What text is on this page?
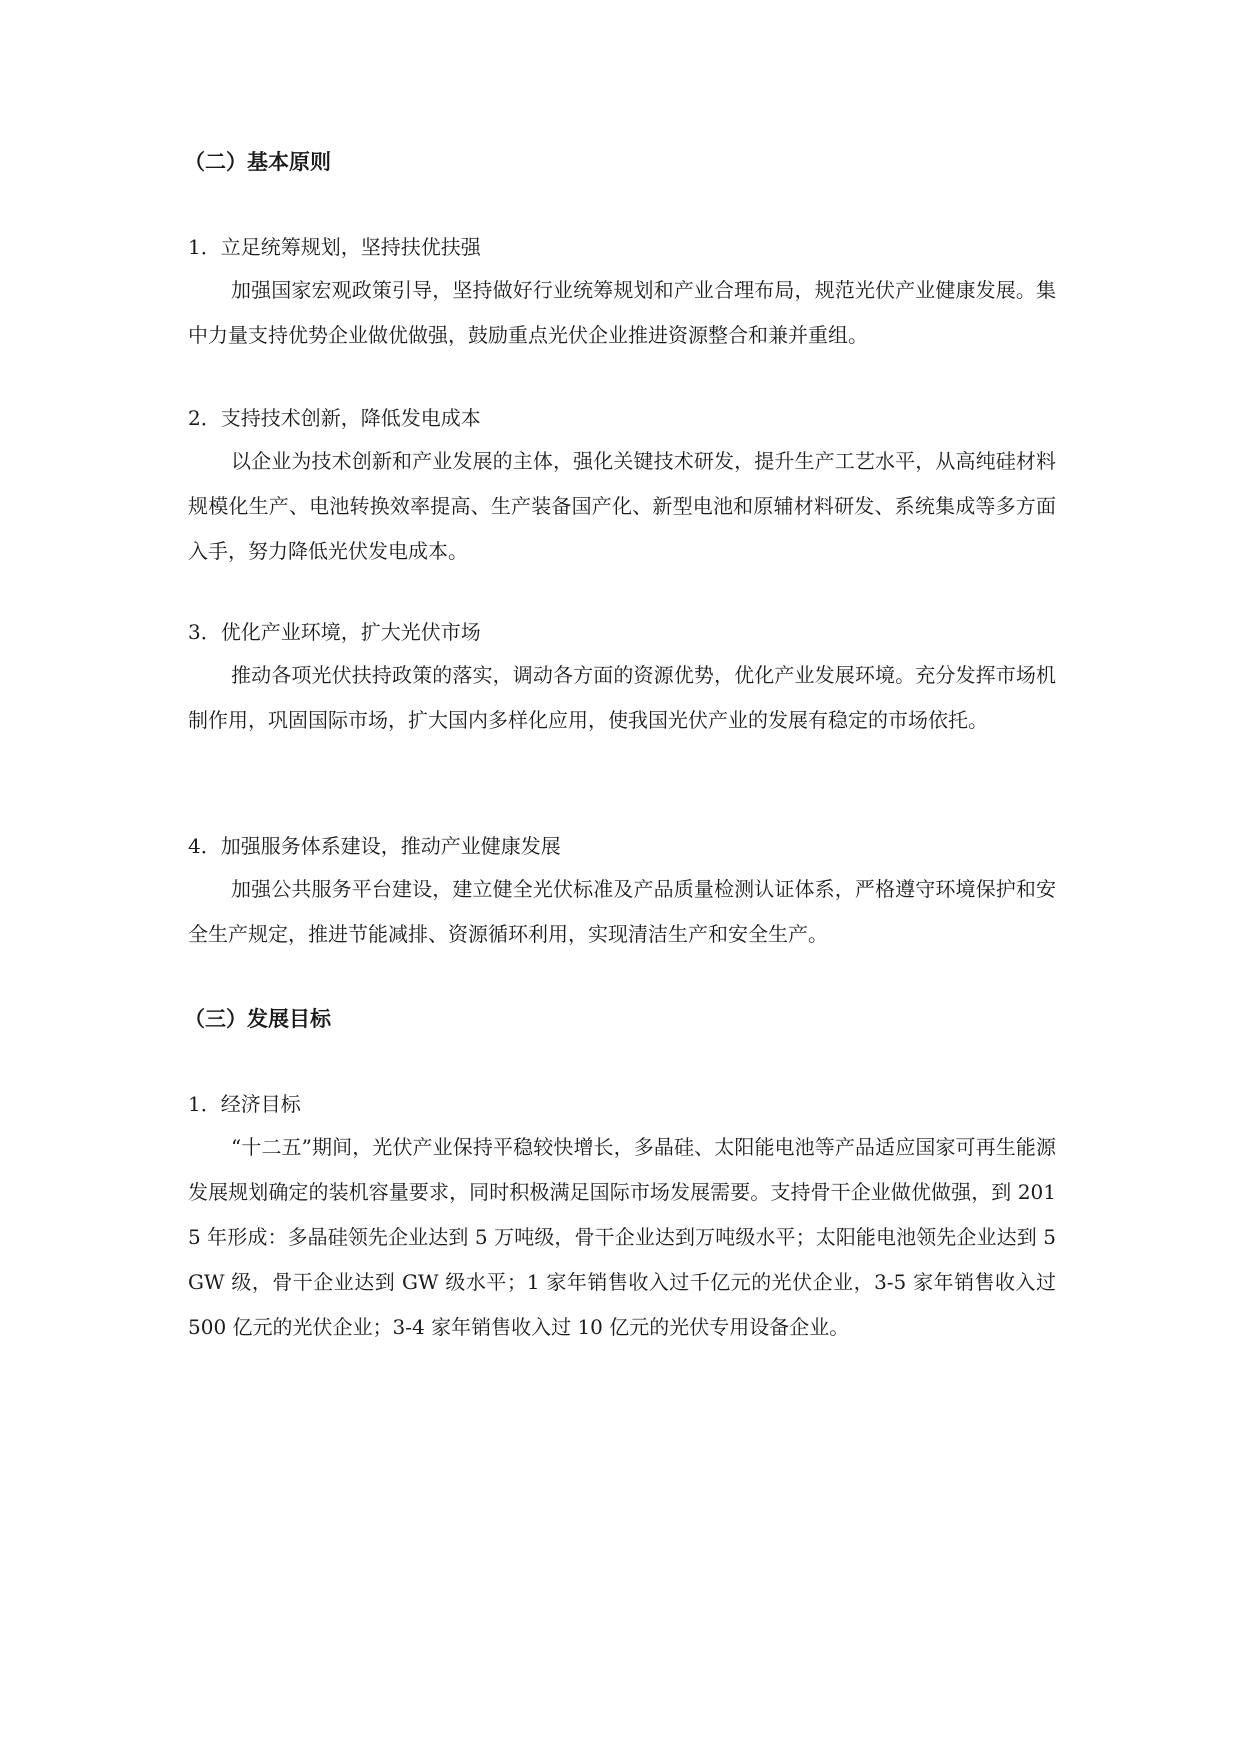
（二）基本原则
1．立足统筹规划，坚持扶优扶强

加强国家宏观政策引导，坚持做好行业统筹规划和产业合理布局，规范光伏产业健康发展。集中力量支持优势企业做优做强，鼓励重点光伏企业推进资源整合和兼并重组。

2．支持技术创新，降低发电成本

以企业为技术创新和产业发展的主体，强化关键技术研发，提升生产工艺水平，从高纯硅材料规模化生产、电池转换效率提高、生产装备国产化、新型电池和原辅材料研发、系统集成等多方面入手，努力降低光伏发电成本。

3．优化产业环境，扩大光伏市场

推动各项光伏扶持政策的落实，调动各方面的资源优势，优化产业发展环境。充分发挥市场机制作用，巩固国际市场，扩大国内多样化应用，使我国光伏产业的发展有稳定的市场依托。

4．加强服务体系建设，推动产业健康发展

加强公共服务平台建设，建立健全光伏标准及产品质量检测认证体系，严格遵守环境保护和安全生产规定，推进节能减排、资源循环利用，实现清洁生产和安全生产。

（三）发展目标
1．经济目标

“十二五”期间，光伏产业保持平稳较快增长，多晶硅、太阳能电池等产品适应国家可再生能源发展规划确定的装机容量要求，同时积极满足国际市场发展需要。支持骨干企业做优做强，到 2015 年形成：多晶硅领先企业达到 5 万吨级，骨干企业达到万吨级水平；太阳能电池领先企业达到 5GW 级，骨干企业达到 GW 级水平；1 家年销售收入过千亿元的光伏企业，3-5 家年销售收入过 500 亿元的光伏企业；3-4 家年销售收入过 10 亿元的光伏专用设备企业。
